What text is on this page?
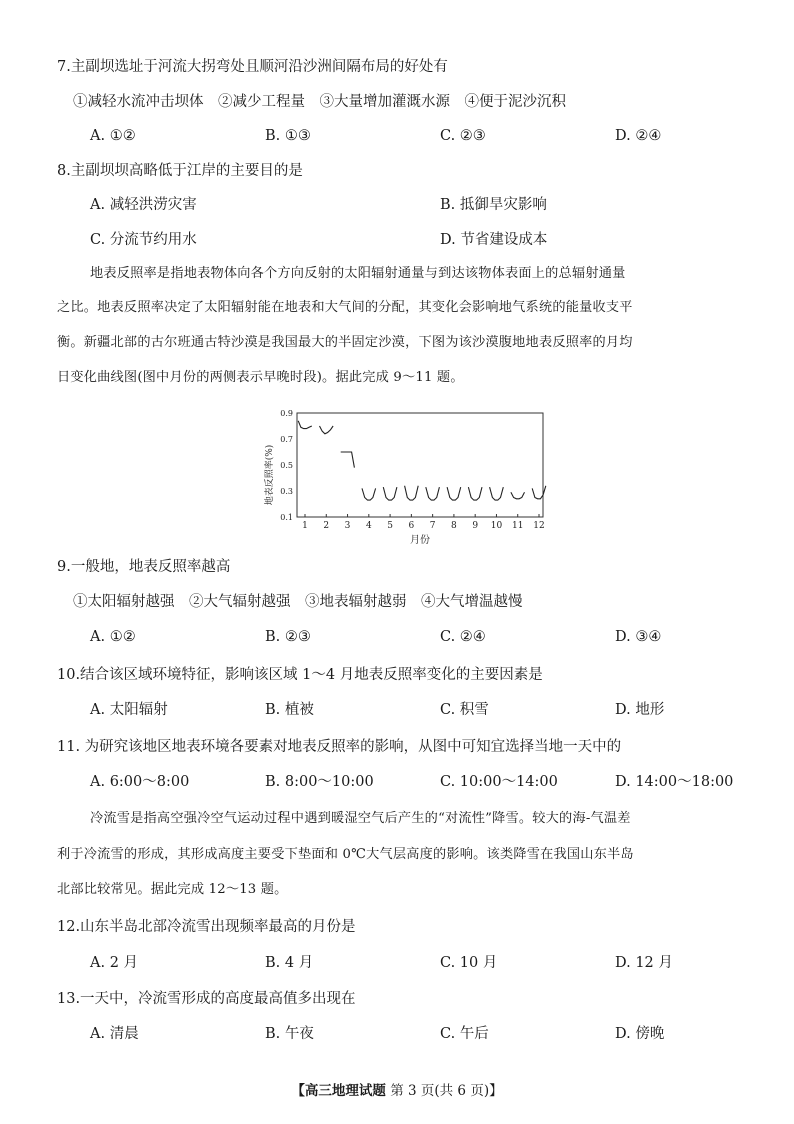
7.主副坝选址于河流大拐弯处且顺河沿沙洲间隔布局的好处有
①减轻水流冲击坝体　②减少工程量　③大量增加灌溉水源　④便于泥沙沉积
A. ①②	B. ①③	C. ②③	D. ②④
8.主副坝坝高略低于江岸的主要目的是
A. 减轻洪涝灾害	B. 抵御旱灾影响
C. 分流节约用水	D. 节省建设成本
地表反照率是指地表物体向各个方向反射的太阳辐射通量与到达该物体表面上的总辐射通量
之比。地表反照率决定了太阳辐射能在地表和大气间的分配，其变化会影响地气系统的能量收支平
衡。新疆北部的古尔班通古特沙漠是我国最大的半固定沙漠，下图为该沙漠腹地地表反照率的月均
日变化曲线图(图中月份的两侧表示早晚时段)。据此完成 9～11 题。
0.9
0.7
0.5
0.3
0.1
1 2 3 4 5 6 7 8 9 10 11 12
地表反照率(%)
月份
9.一般地，地表反照率越高
①太阳辐射越强　②大气辐射越强　③地表辐射越弱　④大气增温越慢
A. ①②	B. ②③	C. ②④	D. ③④
10.结合该区域环境特征，影响该区域 1～4 月地表反照率变化的主要因素是
A. 太阳辐射	B. 植被	C. 积雪	D. 地形
11. 为研究该地区地表环境各要素对地表反照率的影响，从图中可知宜选择当地一天中的
A. 6:00～8:00	B. 8:00～10:00	C. 10:00～14:00	D. 14:00～18:00
冷流雪是指高空强冷空气运动过程中遇到暖湿空气后产生的“对流性”降雪。较大的海-气温差
利于冷流雪的形成，其形成高度主要受下垫面和 0℃大气层高度的影响。该类降雪在我国山东半岛
北部比较常见。据此完成 12～13 题。
12.山东半岛北部冷流雪出现频率最高的月份是
A. 2 月	B. 4 月	C. 10 月	D. 12 月
13.一天中，冷流雪形成的高度最高值多出现在
A. 清晨	B. 午夜	C. 午后	D. 傍晚
【高三地理试题 第 3 页(共 6 页)】
